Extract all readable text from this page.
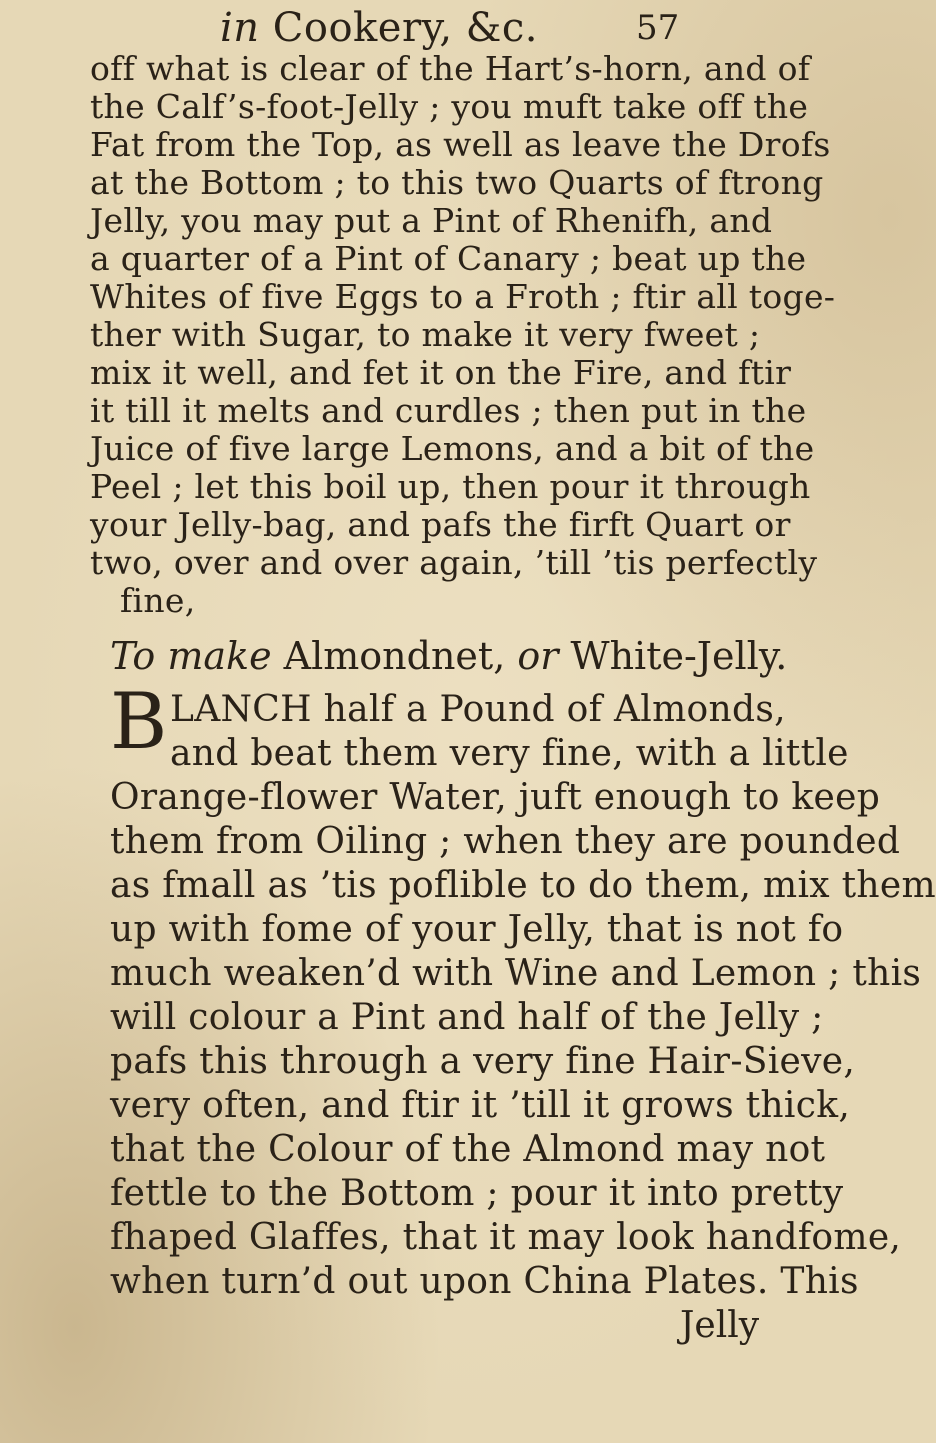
in Cookery, &c.	57
off what is clear of the Hart’s-horn, and of
the Calf’s-foot-Jelly ; you muft take off the
Fat from the Top, as well as leave the Drofs
at the Bottom ; to this two Quarts of ftrong
Jelly, you may put a Pint of Rhenifh, and
a quarter of a Pint of Canary ; beat up the
Whites of five Eggs to a Froth ; ftir all toge-
ther with Sugar, to make it very fweet ;
mix it well, and fet it on the Fire, and ftir
it till it melts and curdles ; then put in the
Juice of five large Lemons, and a bit of the
Peel ; let this boil up, then pour it through
your Jelly-bag, and pafs the firft Quart or
two, over and over again, ’till ’tis perfectly
fine,
To make Almondnet, or White-Jelly.
B LANCH half a Pound of Almonds,
and beat them very fine, with a little
Orange-flower Water, juft enough to keep
them from Oiling ; when they are pounded
as fmall as ’tis poflible to do them, mix them
up with fome of your Jelly, that is not fo
much weaken’d with Wine and Lemon ; this
will colour a Pint and half of the Jelly ;
pafs this through a very fine Hair-Sieve,
very often, and ftir it ’till it grows thick,
that the Colour of the Almond may not
fettle to the Bottom ; pour it into pretty
fhaped Glaffes, that it may look handfome,
when turn’d out upon China Plates. This
Jelly
